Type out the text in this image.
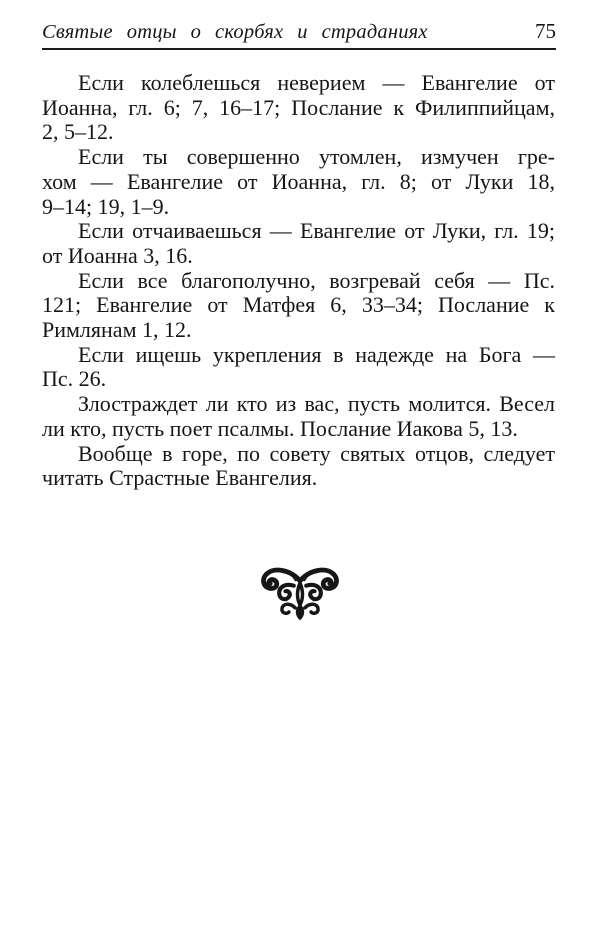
Святые отцы о скорбях и страданиях	75
Если колеблешься неверием — Евангелие от
Иоанна, гл. 6; 7, 16–17; Послание к Филиппийцам,
2, 5–12.
Если ты совершенно утомлен, измучен гре-
хом — Евангелие от Иоанна, гл. 8; от Луки 18,
9–14; 19, 1–9.
Если отчаиваешься — Евангелие от Луки, гл. 19;
от Иоанна 3, 16.
Если все благополучно, возгревай себя — Пс.
121; Евангелие от Матфея 6, 33–34; Послание к
Римлянам 1, 12.
Если ищешь укрепления в надежде на Бога —
Пс. 26.
Злостраждет ли кто из вас, пусть молится. Весел
ли кто, пусть поет псалмы. Послание Иакова 5, 13.
Вообще в горе, по совету святых отцов, следует
читать Страстные Евангелия.
